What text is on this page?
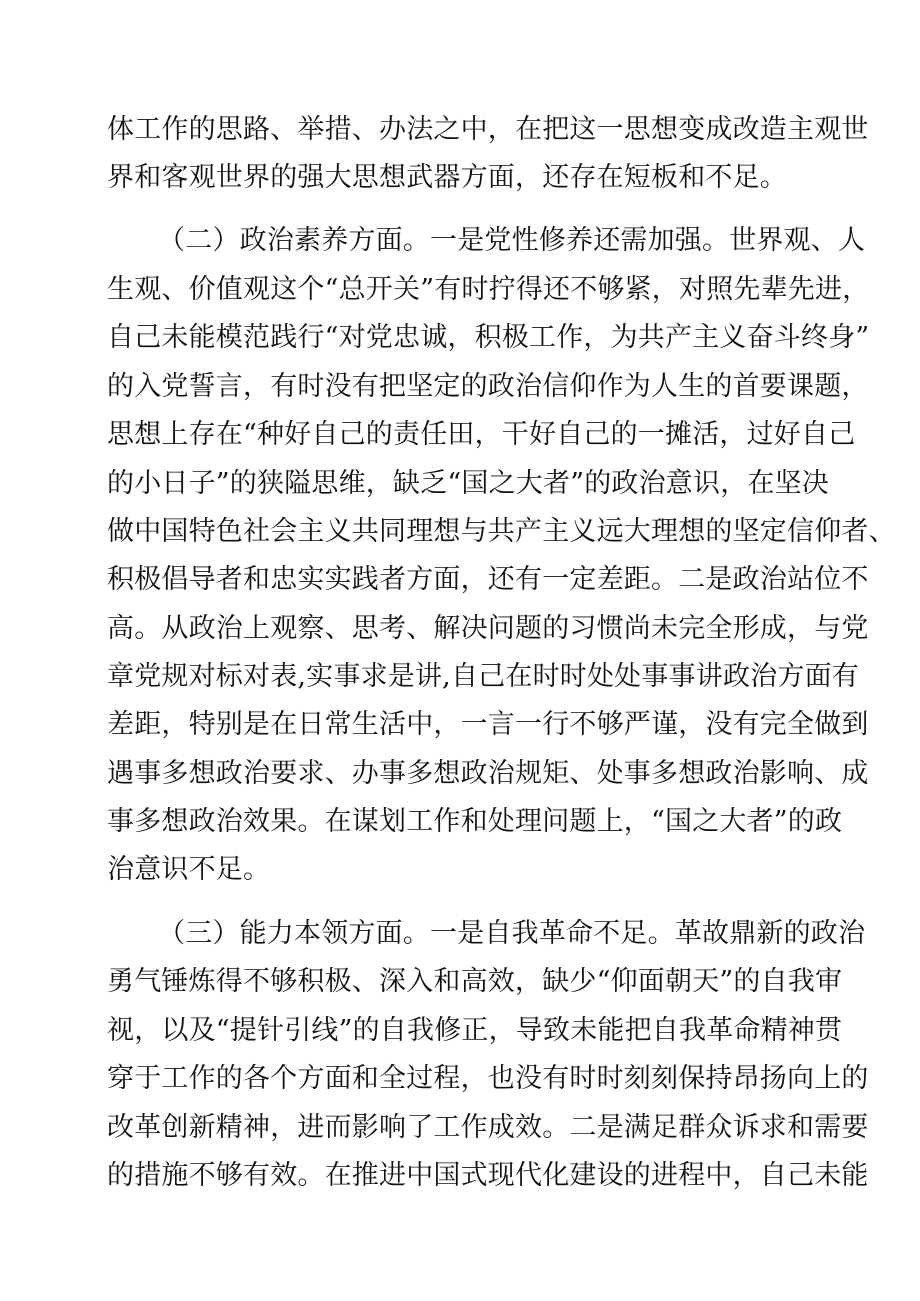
体工作的思路、举措、办法之中，在把这一思想变成改造主观世
界和客观世界的强大思想武器方面，还存在短板和不足。
（二）政治素养方面。一是党性修养还需加强。世界观、人
生观、价值观这个“总开关”有时拧得还不够紧，对照先辈先进，
自己未能模范践行“对党忠诚，积极工作，为共产主义奋斗终身”
的入党誓言，有时没有把坚定的政治信仰作为人生的首要课题，
思想上存在“种好自己的责任田，干好自己的一摊活，过好自己
的小日子”的狭隘思维，缺乏“国之大者”的政治意识，在坚决
做中国特色社会主义共同理想与共产主义远大理想的坚定信仰者、
积极倡导者和忠实实践者方面，还有一定差距。二是政治站位不
高。从政治上观察、思考、解决问题的习惯尚未完全形成，与党
章党规对标对表,实事求是讲,自己在时时处处事事讲政治方面有
差距，特别是在日常生活中，一言一行不够严谨，没有完全做到
遇事多想政治要求、办事多想政治规矩、处事多想政治影响、成
事多想政治效果。在谋划工作和处理问题上，“国之大者”的政
治意识不足。
（三）能力本领方面。一是自我革命不足。革故鼎新的政治
勇气锤炼得不够积极、深入和高效，缺少“仰面朝天”的自我审
视，以及“提针引线”的自我修正，导致未能把自我革命精神贯
穿于工作的各个方面和全过程，也没有时时刻刻保持昂扬向上的
改革创新精神，进而影响了工作成效。二是满足群众诉求和需要
的措施不够有效。在推进中国式现代化建设的进程中，自己未能
